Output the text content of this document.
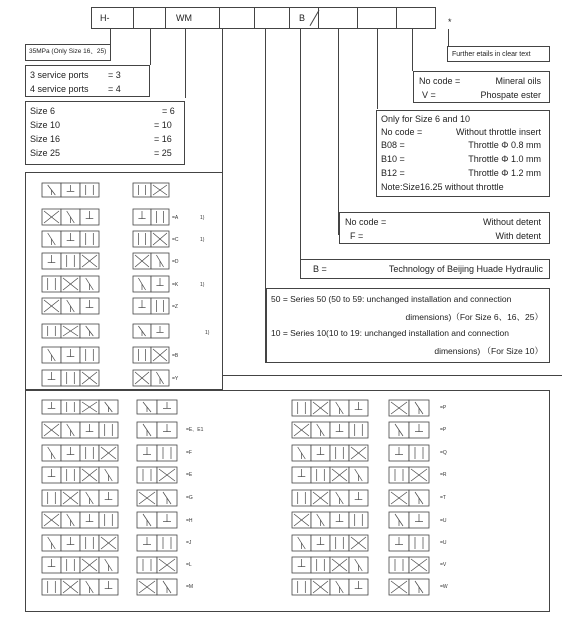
H-	WM	B	*
Further etails in clear text
No code =	Mineral oils
V =	Phospate ester
Only for Size 6 and 10
No code =	Without throttle insert
B08 =	Throttle Φ 0.8 mm
B10 =	Throttle Φ 1.0 mm
B12 =	Throttle Φ 1.2 mm
Note:Size16.25 without throttle
No code =	Without detent
F =	With detent
B =	Technology of Beijing Huade Hydraulic
50 = Series 50 (50 to 59: unchanged installation and connection
dimensions)（For Size 6、16、25）
10 = Series 10(10 to 19: unchanged installation and connection
dimensions) （For Size 10）
35MPa (Only Size 16、25)
3 service ports = 3
4 service ports = 4
Size 6	= 6
Size 10	= 10
Size 16	= 16
Size 25	= 25
=A	1)
=C	1)
=D
=K	1)
=Z
=B
=Y
1)
=E、E1
=F
=E
=G
=H
=J
=L
=M
=P
=P
=Q
=R
=T
=U
=U
=V
=W
